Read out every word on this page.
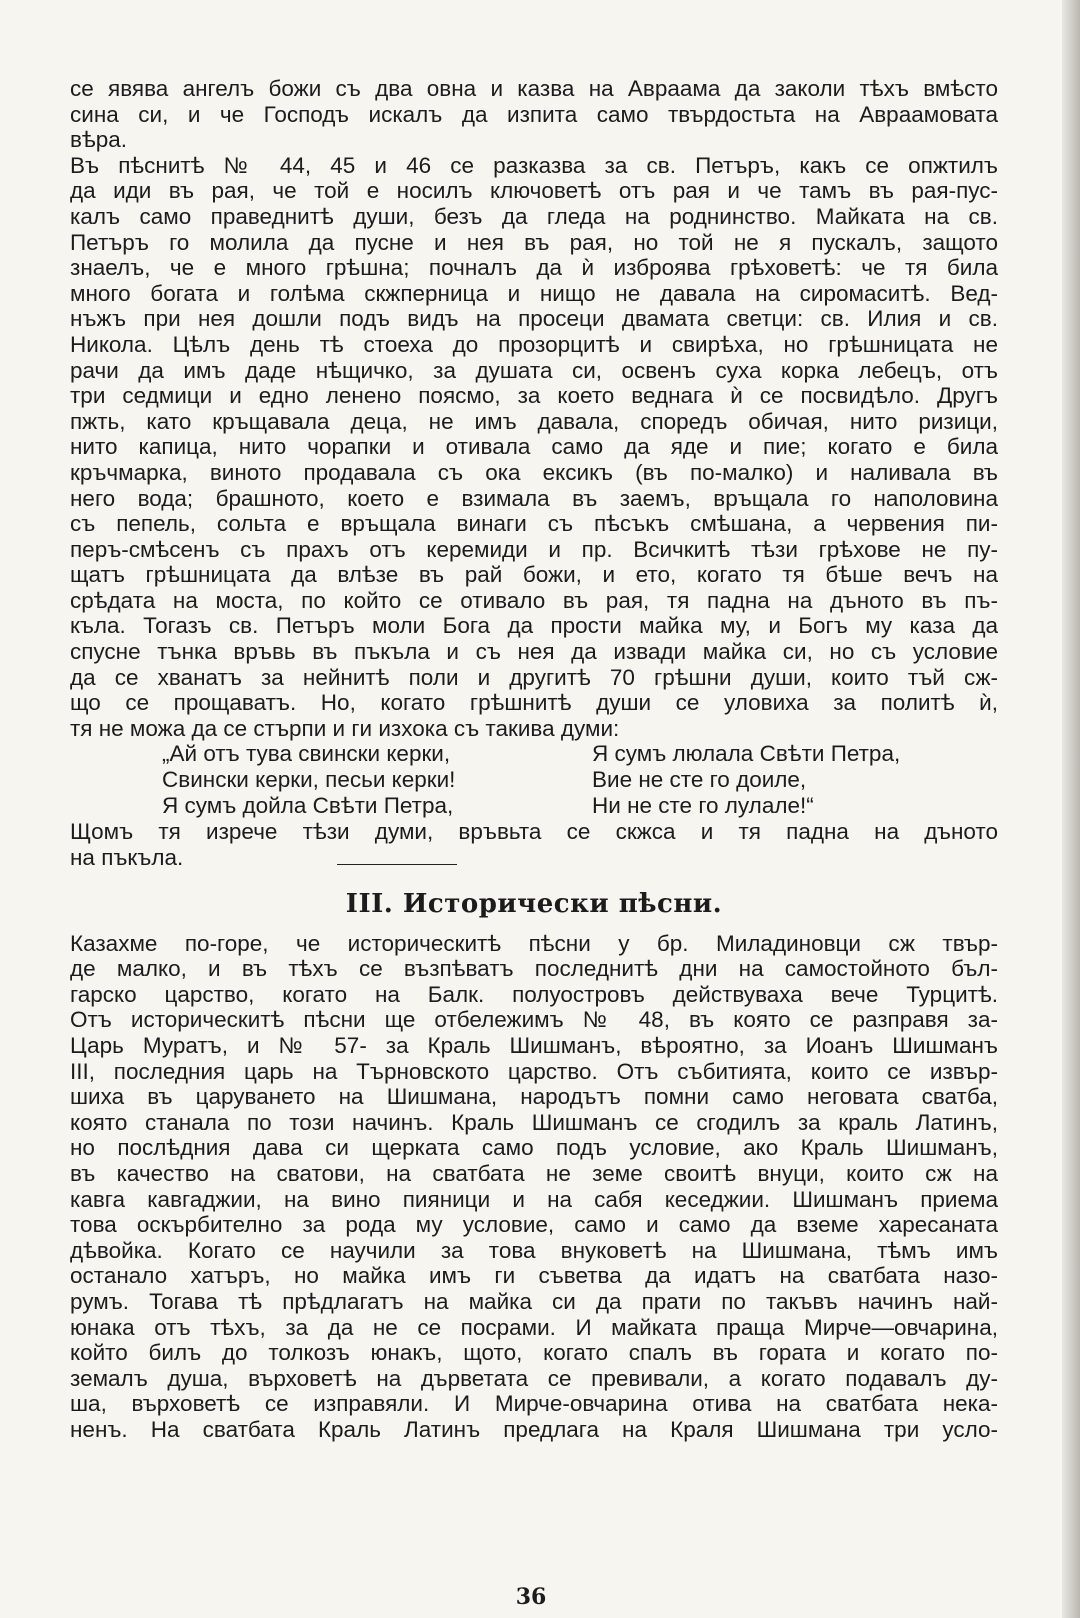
се явява ангелъ божи съ два овна и казва на Авраама да заколи тѣхъ вмѣсто
сина си, и че Господъ искалъ да изпита само твърдостьта на Авраамовата
вѣра.
Въ пѣснитѣ № 44, 45 и 46 се разказва за св. Петъръ, какъ се опжтилъ
да иди въ рая, че той е носилъ ключоветѣ отъ рая и че тамъ въ рая-пус-
калъ само праведнитѣ души, безъ да гледа на роднинство. Майката на св.
Петъръ го молила да пусне и нея въ рая, но той не я пускалъ, защото
знаелъ, че е много грѣшна; почналъ да ѝ изброява грѣховетѣ: че тя била
много богата и голѣма скжперница и нищо не давала на сиромаситѣ. Вед-
нъжъ при нея дошли подъ видъ на просеци двамата светци: св. Илия и св.
Никола. Цѣлъ день тѣ стоеха до прозорцитѣ и свирѣха, но грѣшницата не
рачи да имъ даде нѣщичко, за душата си, освенъ суха корка лебецъ, отъ
три седмици и едно ленено поясмо, за което веднага ѝ се посвидѣло. Другъ
пжть, като кръщавала деца, не имъ давала, споредъ обичая, нито ризици,
нито капица, нито чорапки и отивала само да яде и пие; когато е била
кръчмарка, виното продавала съ ока ексикъ (въ по-малко) и наливала въ
него вода; брашното, което е взимала въ заемъ, връщала го наполовина
съ пепель, сольта е връщала винаги съ пѣсъкъ смѣшана, а червения пи-
перъ-смѣсенъ съ прахъ отъ керемиди и пр. Всичкитѣ тѣзи грѣхове не пу-
щатъ грѣшницата да влѣзе въ рай божи, и ето, когато тя бѣше вечъ на
срѣдата на моста, по който се отивало въ рая, тя падна на дъното въ пъ-
къла. Тогазъ св. Петъръ моли Бога да прости майка му, и Богъ му каза да
спусне тънка връвь въ пъкъла и съ нея да извади майка си, но съ условие
да се хванатъ за нейнитѣ поли и другитѣ 70 грѣшни души, които тъй сж-
що се прощаватъ. Но, когато грѣшнитѣ души се уловиха за политѣ ѝ,
тя не можа да се стърпи и ги изхока съ такива думи:
„Ай отъ тува свински керки,	Я сумъ люлала Свѣти Петра,
Свински керки, песьи керки!	Вие не сте го доиле,
Я сумъ дойла Свѣти Петра,	Ни не сте го лулале!“
Щомъ тя изрече тѣзи думи, връвьта се скжса и тя падна на дъното
на пъкъла.
III. Исторически пѣсни.
Казахме по-горе, че историческитѣ пѣсни у бр. Миладиновци сж твър-
де малко, и въ тѣхъ се възпѣватъ последнитѣ дни на самостойното бъл-
гарско царство, когато на Балк. полуостровъ действуваха вече Турцитѣ.
Отъ историческитѣ пѣсни ще отбележимъ № 48, въ която се разправя за-
Царь Муратъ, и № 57- за Краль Шишманъ, вѣроятно, за Иоанъ Шишманъ
III, последния царь на Търновското царство. Отъ събитията, които се извър-
шиха въ царуването на Шишмана, народътъ помни само неговата сватба,
която станала по този начинъ. Краль Шишманъ се сгодилъ за краль Латинъ,
но послѣдния дава си щерката само подъ условие, ако Краль Шишманъ,
въ качество на сватови, на сватбата не земе своитѣ внуци, които сж на
кавга кавгаджии, на вино пияници и на сабя кеседжии. Шишманъ приема
това оскърбително за рода му условие, само и само да вземе харесаната
дѣвойка. Когато се научили за това внуковетѣ на Шишмана, тѣмъ имъ
останало хатъръ, но майка имъ ги съветва да идатъ на сватбата назо-
румъ. Тогава тѣ прѣдлагатъ на майка си да прати по такъвъ начинъ най-
юнака отъ тѣхъ, за да не се посрами. И майката праща Мирче—овчарина,
който билъ до толкозъ юнакъ, щото, когато спалъ въ гората и когато по-
земалъ душа, върховетѣ на дърветата се превивали, а когато подавалъ ду-
ша, върховетѣ се изправяли. И Мирче-овчарина отива на сватбата нека-
ненъ. На сватбата Краль Латинъ предлага на Краля Шишмана три усло-
36
